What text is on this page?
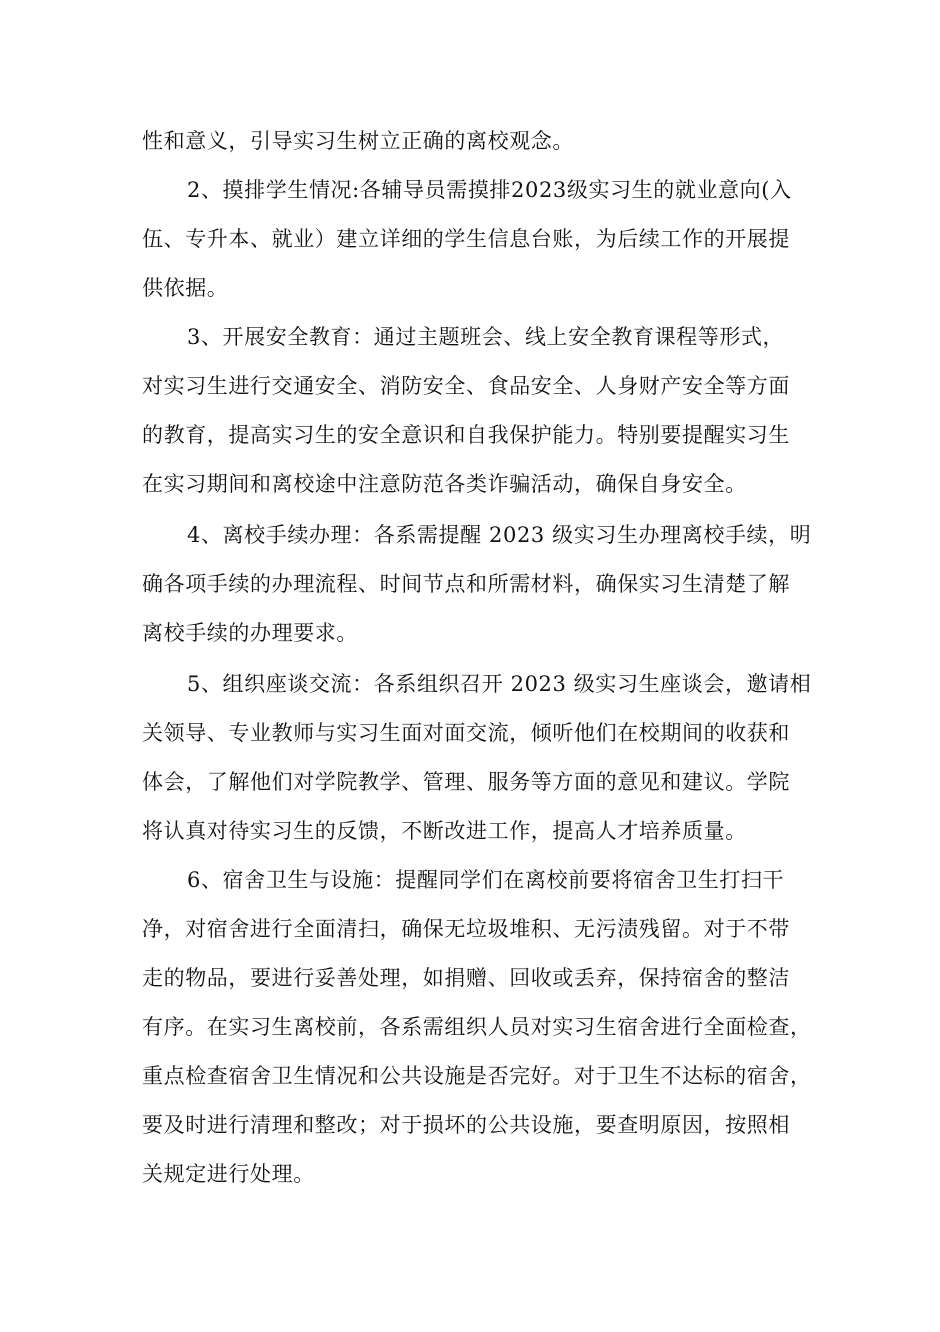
性和意义，引导实习生树立正确的离校观念。
2、摸排学生情况:各辅导员需摸排2023级实习生的就业意向(入
伍、专升本、就业）建立详细的学生信息台账，为后续工作的开展提
供依据。
3、开展安全教育：通过主题班会、线上安全教育课程等形式，
对实习生进行交通安全、消防安全、食品安全、人身财产安全等方面
的教育，提高实习生的安全意识和自我保护能力。特别要提醒实习生
在实习期间和离校途中注意防范各类诈骗活动，确保自身安全。
4、离校手续办理：各系需提醒 2023 级实习生办理离校手续，明
确各项手续的办理流程、时间节点和所需材料，确保实习生清楚了解
离校手续的办理要求。
5、组织座谈交流：各系组织召开 2023 级实习生座谈会，邀请相
关领导、专业教师与实习生面对面交流，倾听他们在校期间的收获和
体会，了解他们对学院教学、管理、服务等方面的意见和建议。学院
将认真对待实习生的反馈，不断改进工作，提高人才培养质量。
6、宿舍卫生与设施：提醒同学们在离校前要将宿舍卫生打扫干
净，对宿舍进行全面清扫，确保无垃圾堆积、无污渍残留。对于不带
走的物品，要进行妥善处理，如捐赠、回收或丢弃，保持宿舍的整洁
有序。在实习生离校前，各系需组织人员对实习生宿舍进行全面检查，
重点检查宿舍卫生情况和公共设施是否完好。对于卫生不达标的宿舍，
要及时进行清理和整改；对于损坏的公共设施，要查明原因，按照相
关规定进行处理。
